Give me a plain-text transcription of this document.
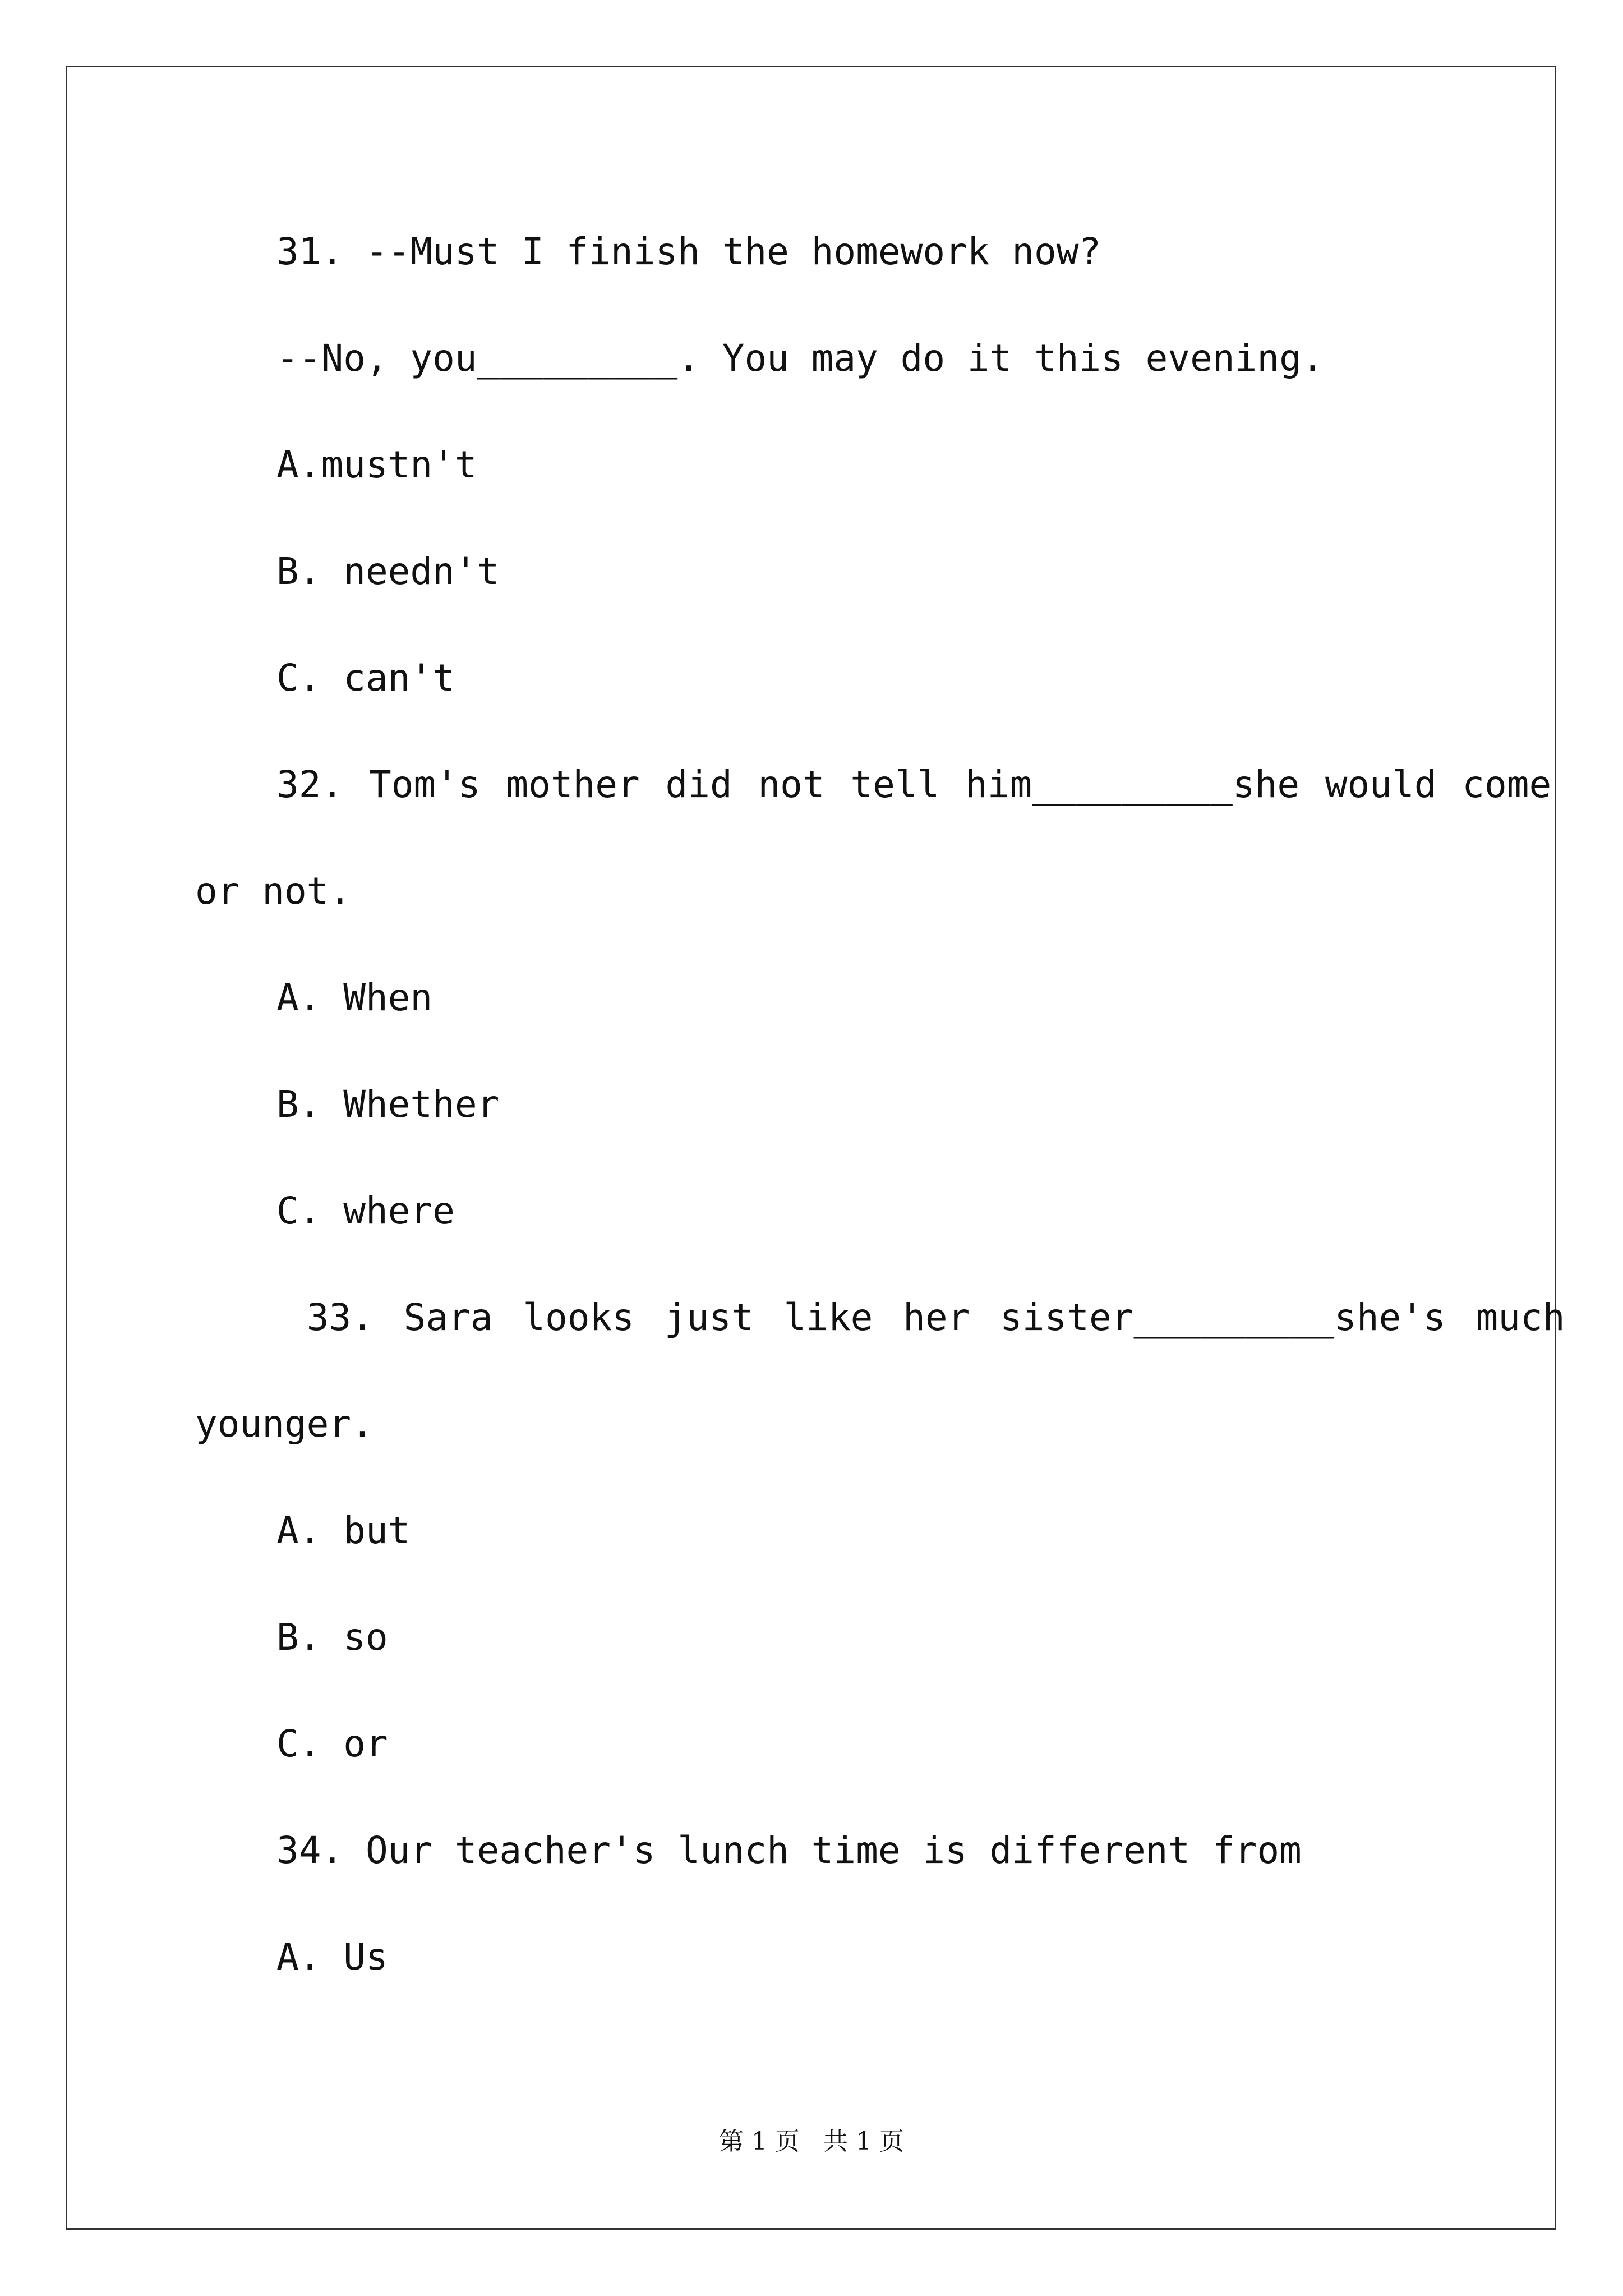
31. --Must I finish the homework now?

--No, you_________. You may do it this evening.

A.mustn't

B. needn't

C. can't

32. Tom's mother did not tell him_________she would come

or not.

A. When

B. Whether

C. where

33. Sara looks just like her sister_________she's much

younger.

A. but

B. so

C. or

34. Our teacher's lunch time is different from

A. Us

第 1 页   共 1 页
